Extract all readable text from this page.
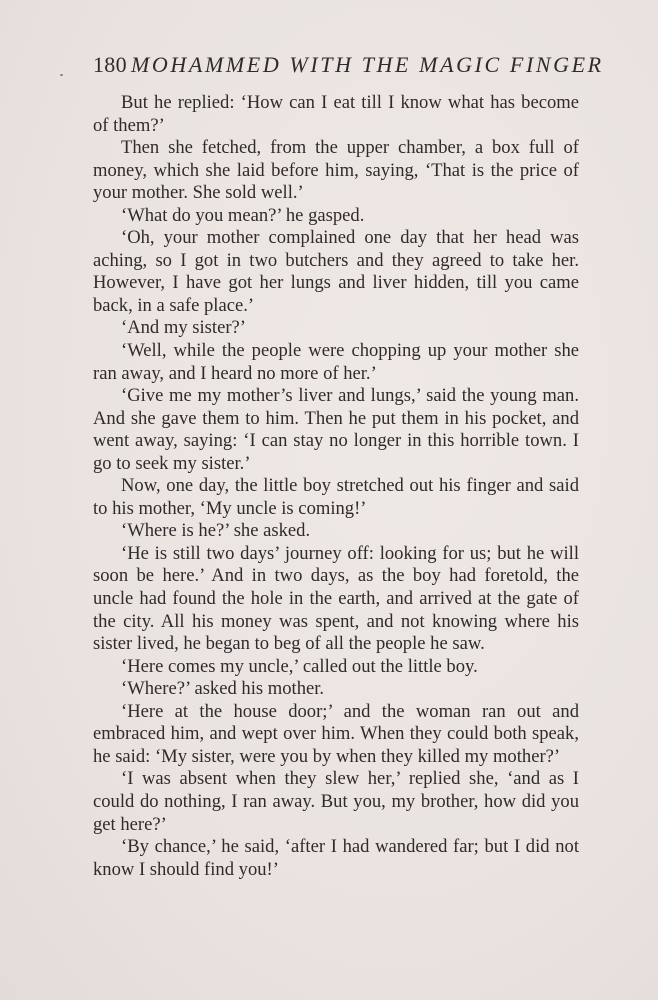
180 MOHAMMED WITH THE MAGIC FINGER

But he replied: ‘How can I eat till I know what has become of them?’

Then she fetched, from the upper chamber, a box full of money, which she laid before him, saying, ‘That is the price of your mother. She sold well.’

‘What do you mean?’ he gasped.

‘Oh, your mother complained one day that her head was aching, so I got in two butchers and they agreed to take her. However, I have got her lungs and liver hidden, till you came back, in a safe place.’

‘And my sister?’

‘Well, while the people were chopping up your mother she ran away, and I heard no more of her.’

‘Give me my mother’s liver and lungs,’ said the young man. And she gave them to him. Then he put them in his pocket, and went away, saying: ‘I can stay no longer in this horrible town. I go to seek my sister.’

Now, one day, the little boy stretched out his finger and said to his mother, ‘My uncle is coming!’

‘Where is he?’ she asked.

‘He is still two days’ journey off: looking for us; but he will soon be here.’ And in two days, as the boy had foretold, the uncle had found the hole in the earth, and arrived at the gate of the city. All his money was spent, and not knowing where his sister lived, he began to beg of all the people he saw.

‘Here comes my uncle,’ called out the little boy.

‘Where?’ asked his mother.

‘Here at the house door;’ and the woman ran out and embraced him, and wept over him. When they could both speak, he said: ‘My sister, were you by when they killed my mother?’

‘I was absent when they slew her,’ replied she, ‘and as I could do nothing, I ran away. But you, my brother, how did you get here?’

‘By chance,’ he said, ‘after I had wandered far; but I did not know I should find you!’
